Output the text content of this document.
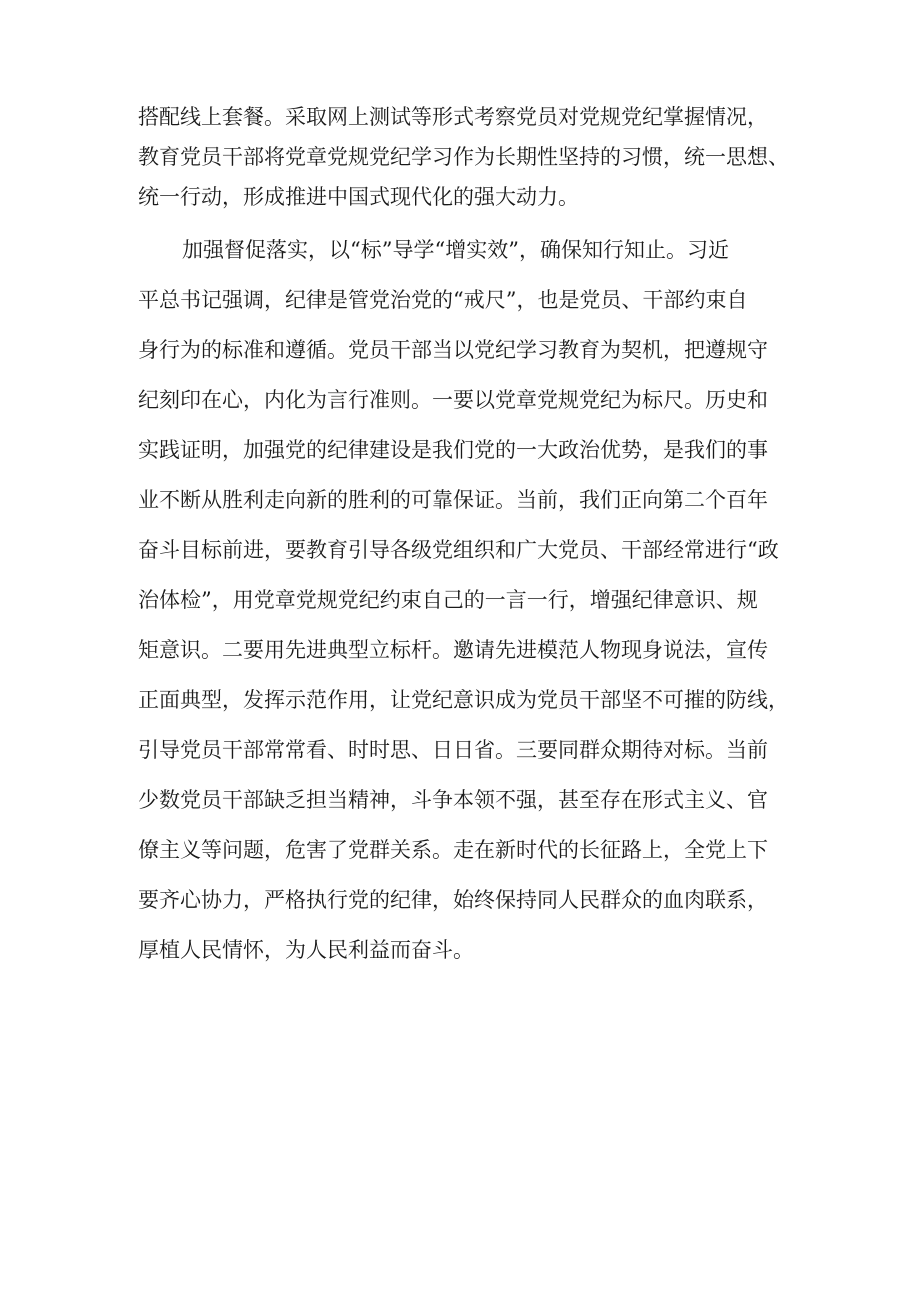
搭配线上套餐。采取网上测试等形式考察党员对党规党纪掌握情况，
教育党员干部将党章党规党纪学习作为长期性坚持的习惯，统一思想、
统一行动，形成推进中国式现代化的强大动力。
加强督促落实，以“标”导学“增实效”，确保知行知止。习近
平总书记强调，纪律是管党治党的“戒尺”，也是党员、干部约束自
身行为的标准和遵循。党员干部当以党纪学习教育为契机，把遵规守
纪刻印在心，内化为言行准则。一要以党章党规党纪为标尺。历史和
实践证明，加强党的纪律建设是我们党的一大政治优势，是我们的事
业不断从胜利走向新的胜利的可靠保证。当前，我们正向第二个百年
奋斗目标前进，要教育引导各级党组织和广大党员、干部经常进行“政
治体检”，用党章党规党纪约束自己的一言一行，增强纪律意识、规
矩意识。二要用先进典型立标杆。邀请先进模范人物现身说法，宣传
正面典型，发挥示范作用，让党纪意识成为党员干部坚不可摧的防线，
引导党员干部常常看、时时思、日日省。三要同群众期待对标。当前
少数党员干部缺乏担当精神，斗争本领不强，甚至存在形式主义、官
僚主义等问题，危害了党群关系。走在新时代的长征路上，全党上下
要齐心协力，严格执行党的纪律，始终保持同人民群众的血肉联系，
厚植人民情怀，为人民利益而奋斗。
